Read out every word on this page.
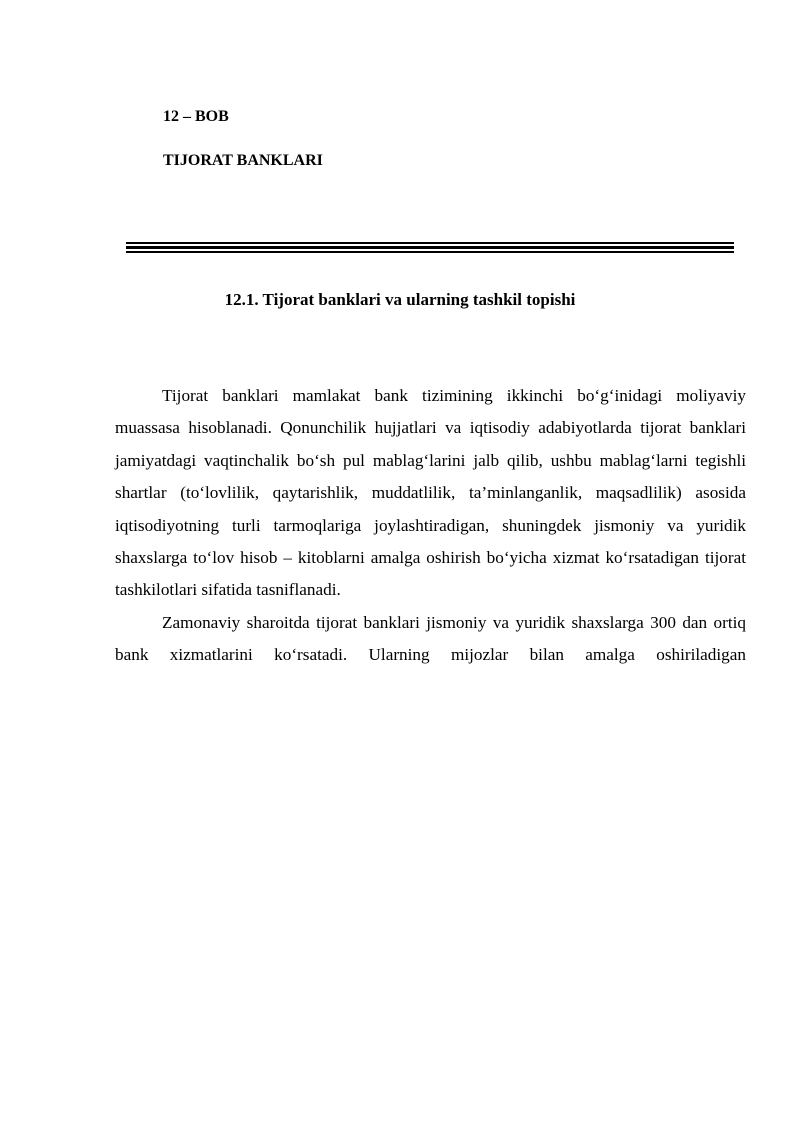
12 – BOB
TIJORAT BANKLARI
12.1. Tijorat banklari va ularning tashkil topishi

Tijorat banklari mamlakat bank tizimining ikkinchi bo‘g‘inidagi moliyaviy muassasa hisoblanadi. Qonunchilik hujjatlari va iqtisodiy adabiyotlarda tijorat banklari jamiyatdagi vaqtinchalik bo‘sh pul mablag‘larini jalb qilib, ushbu mablag‘larni tegishli shartlar (to‘lovlilik, qaytarishlik, muddatlilik, ta’minlanganlik, maqsadlilik) asosida iqtisodiyotning turli tarmoqlariga joylashtiradigan, shuningdek jismoniy va yuridik shaxslarga to‘lov hisob – kitoblarni amalga oshirish bo‘yicha xizmat ko‘rsatadigan tijorat tashkilotlari sifatida tasniflanadi.

Zamonaviy sharoitda tijorat banklari jismoniy va yuridik shaxslarga 300 dan ortiq bank xizmatlarini ko‘rsatadi. Ularning mijozlar bilan amalga oshiriladigan
